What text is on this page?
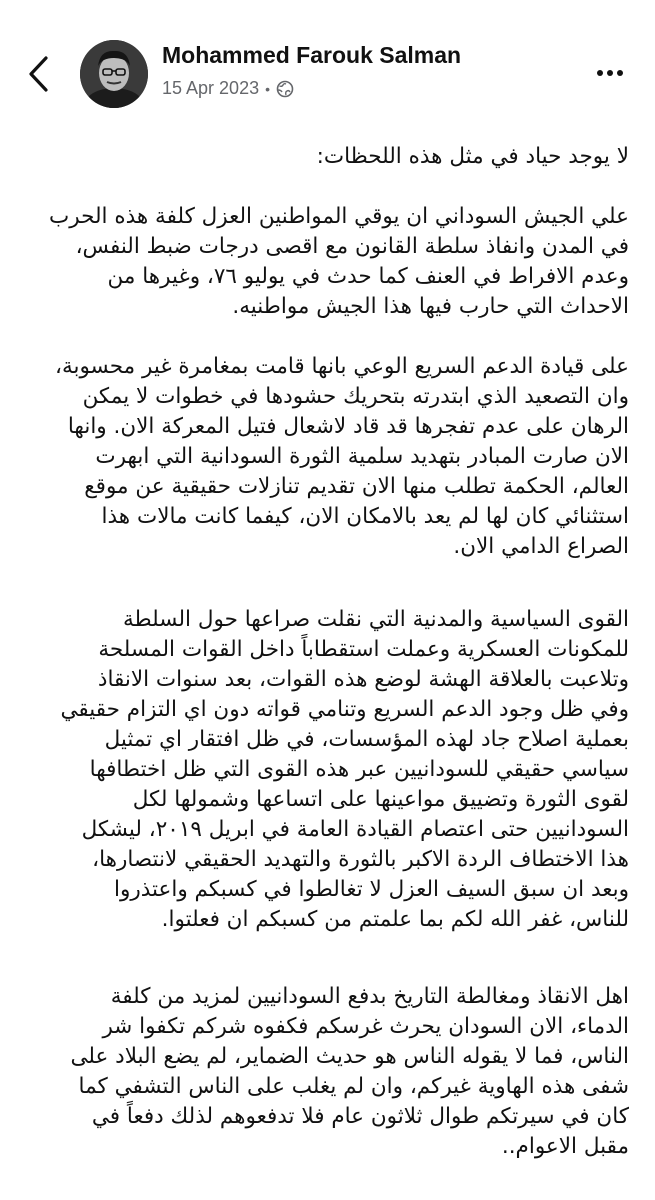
Mohammed Farouk Salman
15 Apr 2023 •

لا يوجد حياد في مثل هذه اللحظات:

علي الجيش السوداني ان يوقي المواطنين العزل كلفة هذه الحرب
في المدن وانفاذ سلطة القانون مع اقصى درجات ضبط النفس،
وعدم الافراط في العنف كما حدث في يوليو ٧٦، وغيرها من
الاحداث التي حارب فيها هذا الجيش مواطنيه.

على قيادة الدعم السريع الوعي بانها قامت بمغامرة غير محسوبة،
وان التصعيد الذي ابتدرته بتحريك حشودها في خطوات لا يمكن
الرهان على عدم تفجرها قد قاد لاشعال فتيل المعركة الان. وانها
الان صارت المبادر بتهديد سلمية الثورة السودانية التي ابهرت
العالم، الحكمة تطلب منها الان تقديم تنازلات حقيقية عن موقع
استثنائي كان لها لم يعد بالامكان الان، كيفما كانت مالات هذا
الصراع الدامي الان.

القوى السياسية والمدنية التي نقلت صراعها حول السلطة
للمكونات العسكرية وعملت استقطاباً داخل القوات المسلحة
وتلاعبت بالعلاقة الهشة لوضع هذه القوات، بعد سنوات الانقاذ
وفي ظل وجود الدعم السريع وتنامي قواته دون اي التزام حقيقي
بعملية اصلاح جاد لهذه المؤسسات، في ظل افتقار اي تمثيل
سياسي حقيقي للسودانيين عبر هذه القوى التي ظل اختطافها
لقوى الثورة وتضييق مواعينها على اتساعها وشمولها لكل
السودانيين حتى اعتصام القيادة العامة في ابريل ٢٠١٩، ليشكل
هذا الاختطاف الردة الاكبر بالثورة والتهديد الحقيقي لانتصارها،
وبعد ان سبق السيف العزل لا تغالطوا في كسبكم واعتذروا
للناس، غفر الله لكم بما علمتم من كسبكم ان فعلتوا.

اهل الانقاذ ومغالطة التاريخ بدفع السودانيين لمزيد من كلفة
الدماء، الان السودان يحرث غرسكم فكفوه شركم تكفوا شر
الناس، فما لا يقوله الناس هو حديث الضماير، لم يضع البلاد على
شفى هذه الهاوية غيركم، وان لم يغلب على الناس التشفي كما
كان في سيرتكم طوال ثلاثون عام فلا تدفعوهم لذلك دفعاً في
مقبل الاعوام..
